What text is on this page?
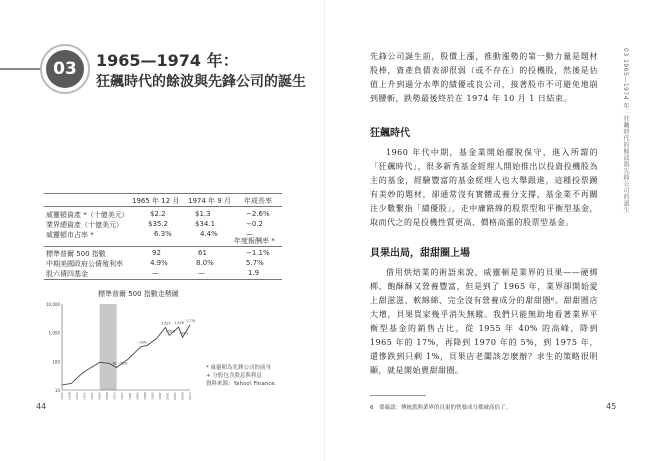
03	1965—1974 年：
狂飆時代的餘波與先鋒公司的誕生
1965 年 12 月 1974 年 9 月 年成長率
威靈頓資產 *（十億美元）	$2.2	$1.3	−2.6%
業界總資產（十億美元）	$35.2	$34.1	−0.2
威靈頓市占率 *	6.3%	4.4%	—
年度報酬率 *
標準普爾 500 指數	92	61	−1.1%
中期美國政府公債殖利率	4.9%	8.0%	5.7%
股六債四基金	—	—	1.9
標準普爾 500 指數走勢圖
10,000
1,000
100
10
1945 1949 1953 1957 1961 1965 1969 1973 1977 1981 1985 1989 1993 1997 2001 2005 2009 2013
61 −50%
−33%
1,527 1,576
−50%
−52%
1,774
* 威靈頓為先鋒公司的前身
+ 分股包含股息與利息
資料來源：Yahoo! Finance.
44

先鋒公司誕生前，股價上漲，推動漲勢的第一動力量是題材股棒，資產負債表卻很弱（或不存在）的投機股，然後是估值上升到過分水準的績優或良公司，接著股市不可避免地崩到腰斬，跌勢最後終於在 1974 年 10 月 1 日結束。

狂飆時代

1960 年代中期，基金業開始擺脫保守，進入所謂的「狂飆時代」，很多新秀基金經理人開始推出以投資投機股為主的基金，經驗豐富的基金經理人也大舉跟進，這種投票踴有美妙的題材，卻通常沒有實體或養分支撐，基金業不再關注少數繫指「績優股」，走中庸路線的股票型和平衡型基金，取而代之的是投機性質更高、價格高漲的股票型基金。

貝果出局，甜甜圈上場

借用烘焙業的術語來說，威靈頓是業界的貝果——硬梆梆、飽酥酥又營養豐富，但是到了 1965 年，業界卻開始愛上甜滋滋、軟綿綿、完全沒有營養成分的甜甜圈⁶。甜甜圈店大增，貝果買家幾乎消失無蹤。我們只能無助地看著業界平衡型基金的銷售占比，從 1955 年 40% 的高峰，降到 1965 年的 17%，再降到 1970 年的 5%，到 1975 年，還慘跌到只剩 1%，貝果店老闆該怎麼辦？求生的策略很明顯，就是開始賣甜甜圈。

03 1965—1974 年：狂飆時代的餘波與先鋒公司的誕生
6　要確認：傳統派與業界的貝果的營養成分都被高估了。	45
